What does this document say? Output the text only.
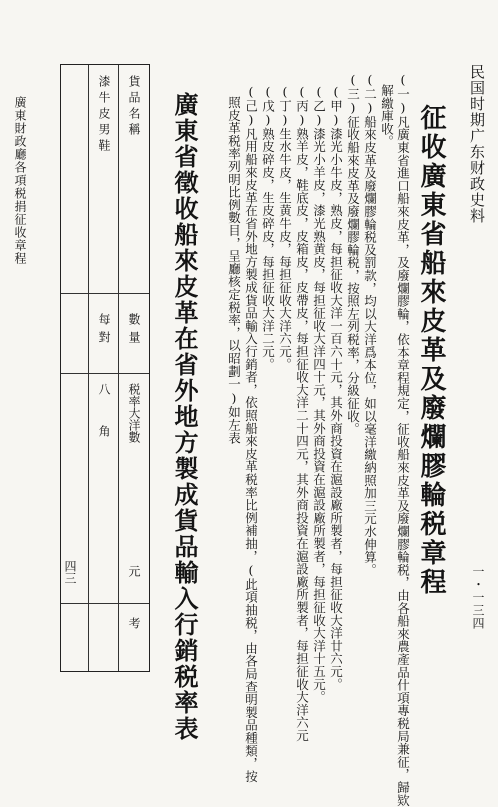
民国时期广东财政史料
一・一三四
征收廣東省船來皮革及廢爛膠輪税章程
(一)凡廣東省進口船來皮革，及廢爛膠輪，依本章程規定，征收船來皮革及廢爛膠輪税，由各船來農產品什項專税局兼征，歸欵
解繳庫收。
(二)船來皮革及廢爛膠輪税及罰款，均以大洋爲本位，如以毫洋繳納照加三元水伸算。
(三)征收船來皮革及廢爛膠輪税，按照左列税率，分級征收。
(甲)漆光小牛皮，熟皮，每担征收大洋一百六十元，其外商投資在滬設廠所製者，每担征收大洋廿六元。
(乙)漆光小羊皮，漆光熟黄皮，每担征收大洋四十元，其外商投資在滬設廠所製者，每担征收大洋十五元。
(丙)熟羊皮，鞋底皮，皮箱皮，皮帶皮，每担征收大洋二十四元，其外商投資在滬設廠所製者，每担征收大洋六元
(丁)生水牛皮，生黄牛皮，每担征收大洋六元。
(戊)熟皮碎皮，生皮碎皮，每担征收大洋二元。
(己)凡用船來皮革在省外地方製成貨品輸入行銷者，依照船來皮革税率比例補抽，(此項抽税，由各局查明製品種類，按
照皮革税率列明比例數目，呈廳核定税率，以昭劃一)如左表
廣東省徵收船來皮革在省外地方製成貨品輸入行銷税率表
貨品名稱
數量
税率大洋數
元
考
漆牛皮男鞋
每對
八
角
四三
廣東財政廳各項税捐征收章程
